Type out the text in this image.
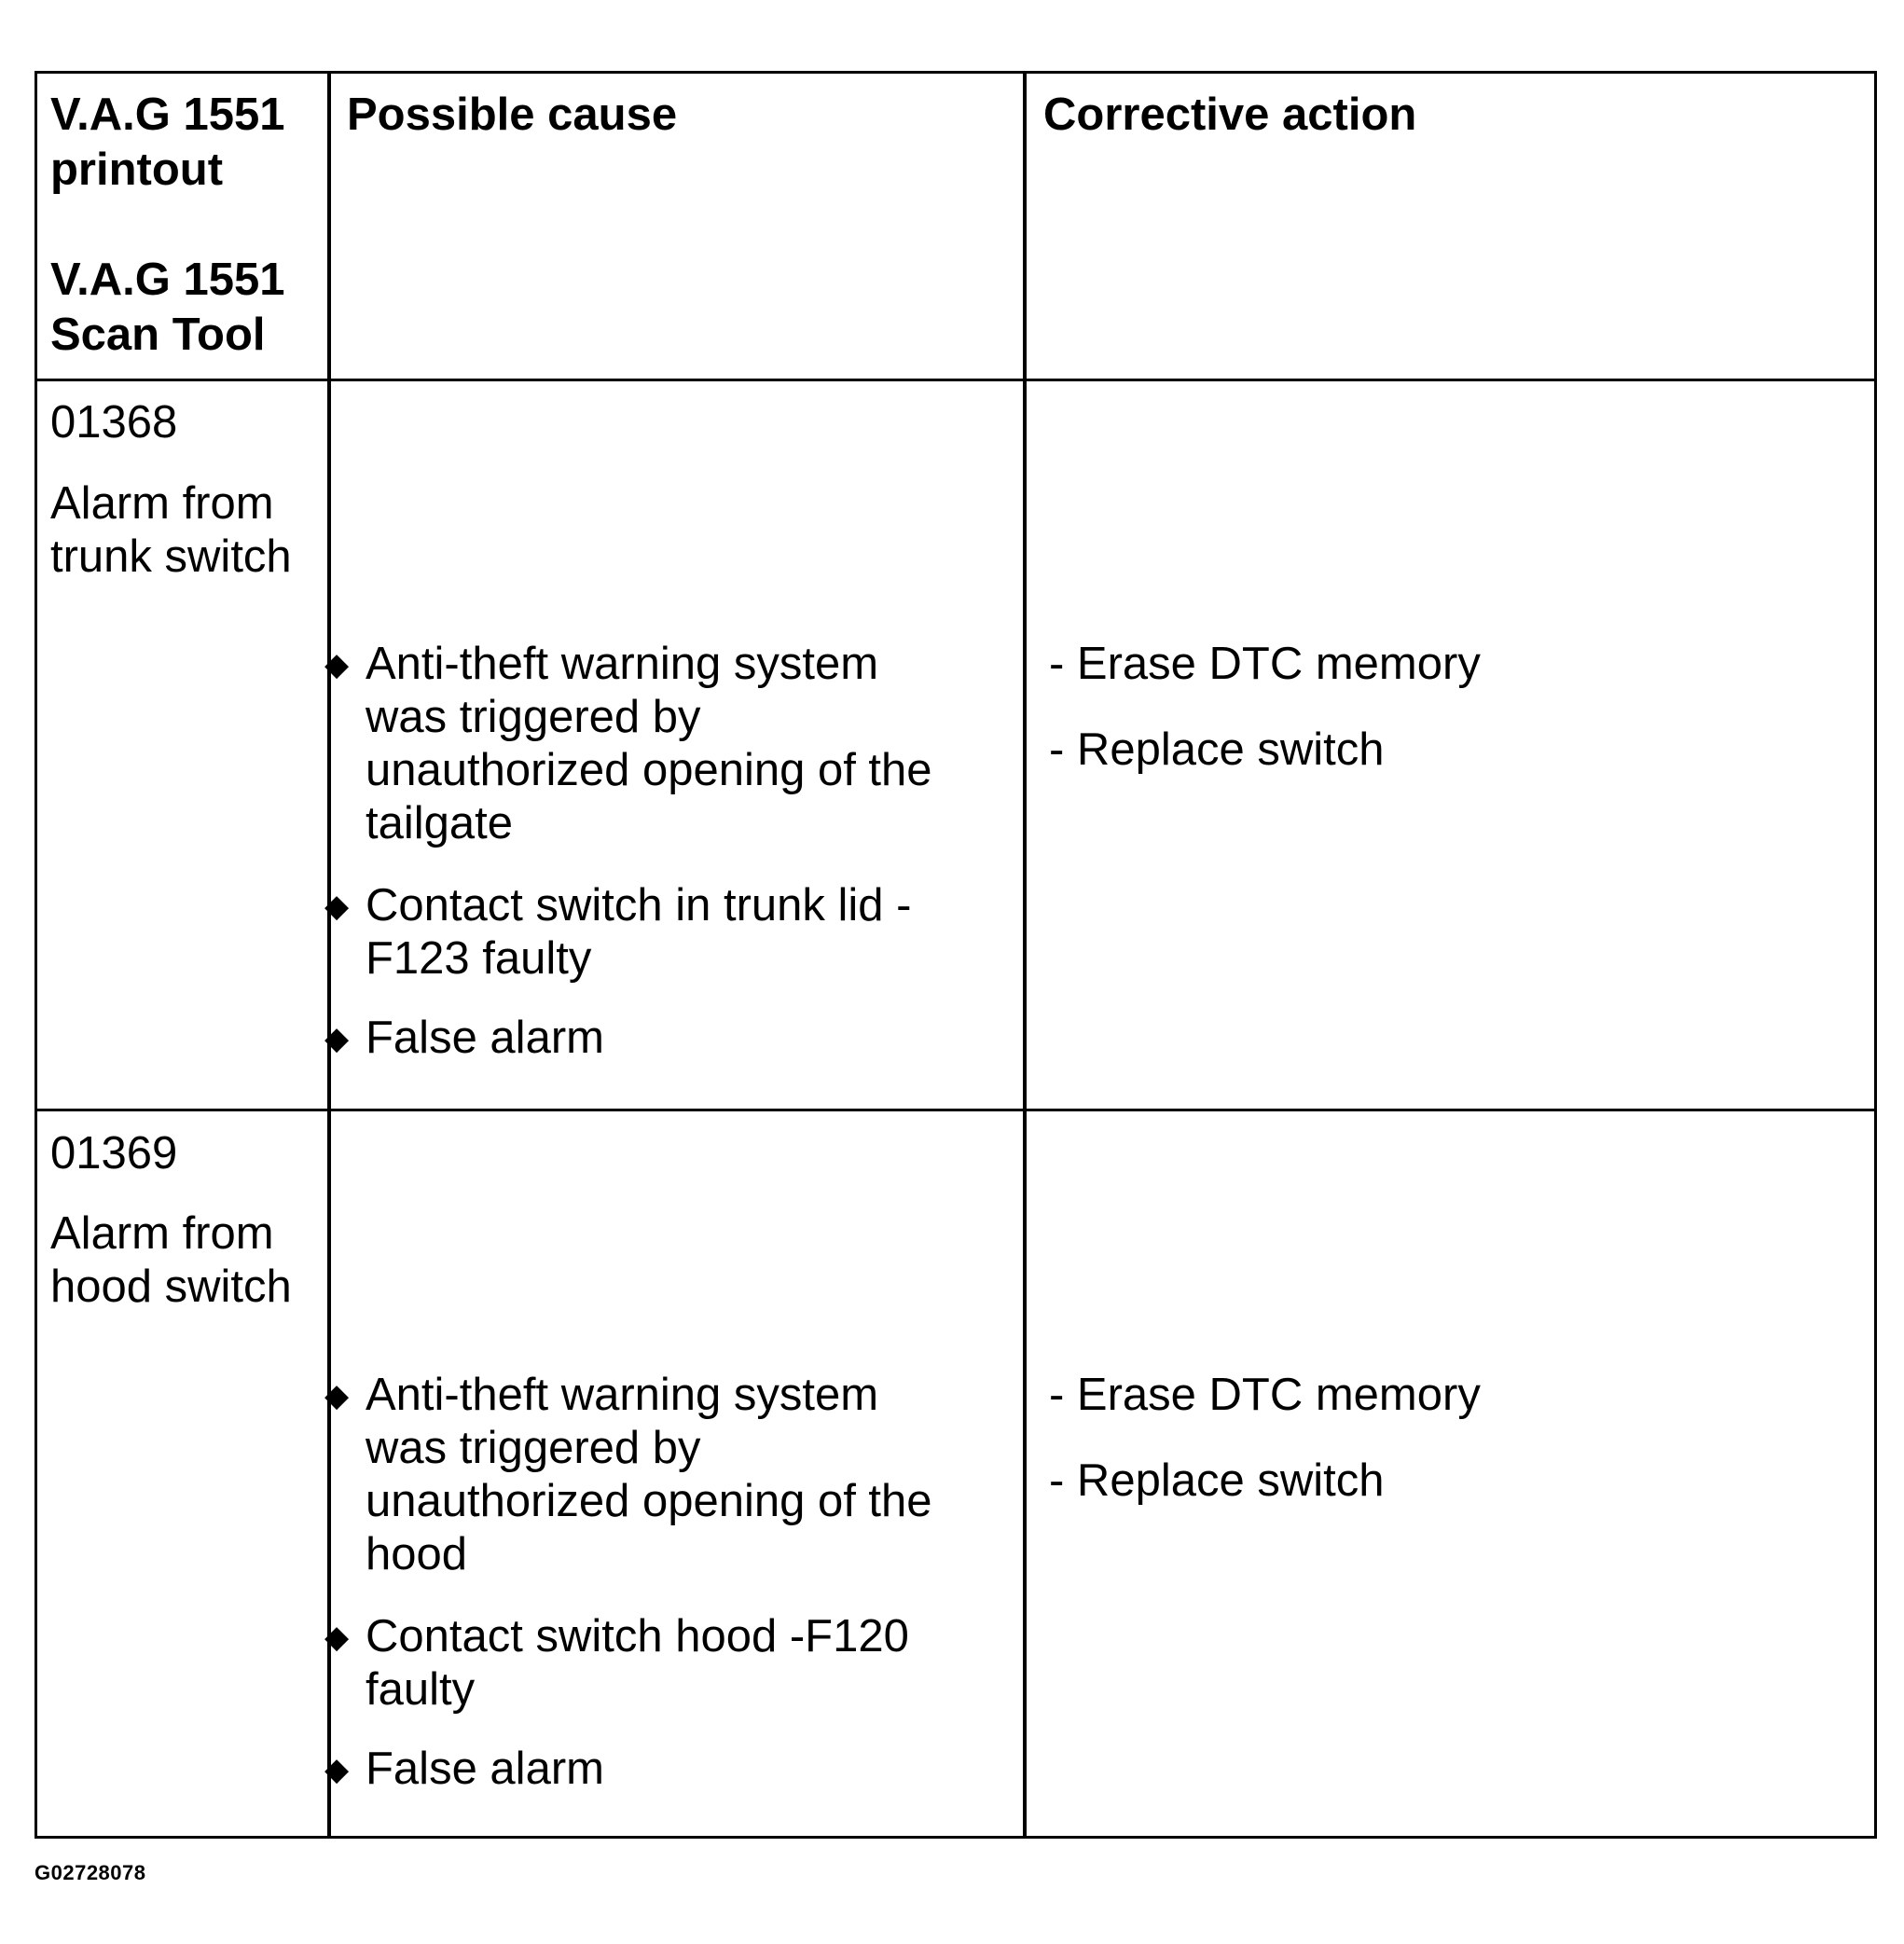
V.A.G 1551
printout
V.A.G 1551
Scan Tool
Possible cause	Corrective action
01368
Alarm from
trunk switch
◆ Anti-theft warning system
was triggered by
unauthorized opening of the
tailgate
◆ Contact switch in trunk lid -
F123 faulty
◆ False alarm
- Erase DTC memory
- Replace switch
01369
Alarm from
hood switch
◆ Anti-theft warning system
was triggered by
unauthorized opening of the
hood
◆ Contact switch hood -F120
faulty
◆ False alarm
- Erase DTC memory
- Replace switch
G02728078
